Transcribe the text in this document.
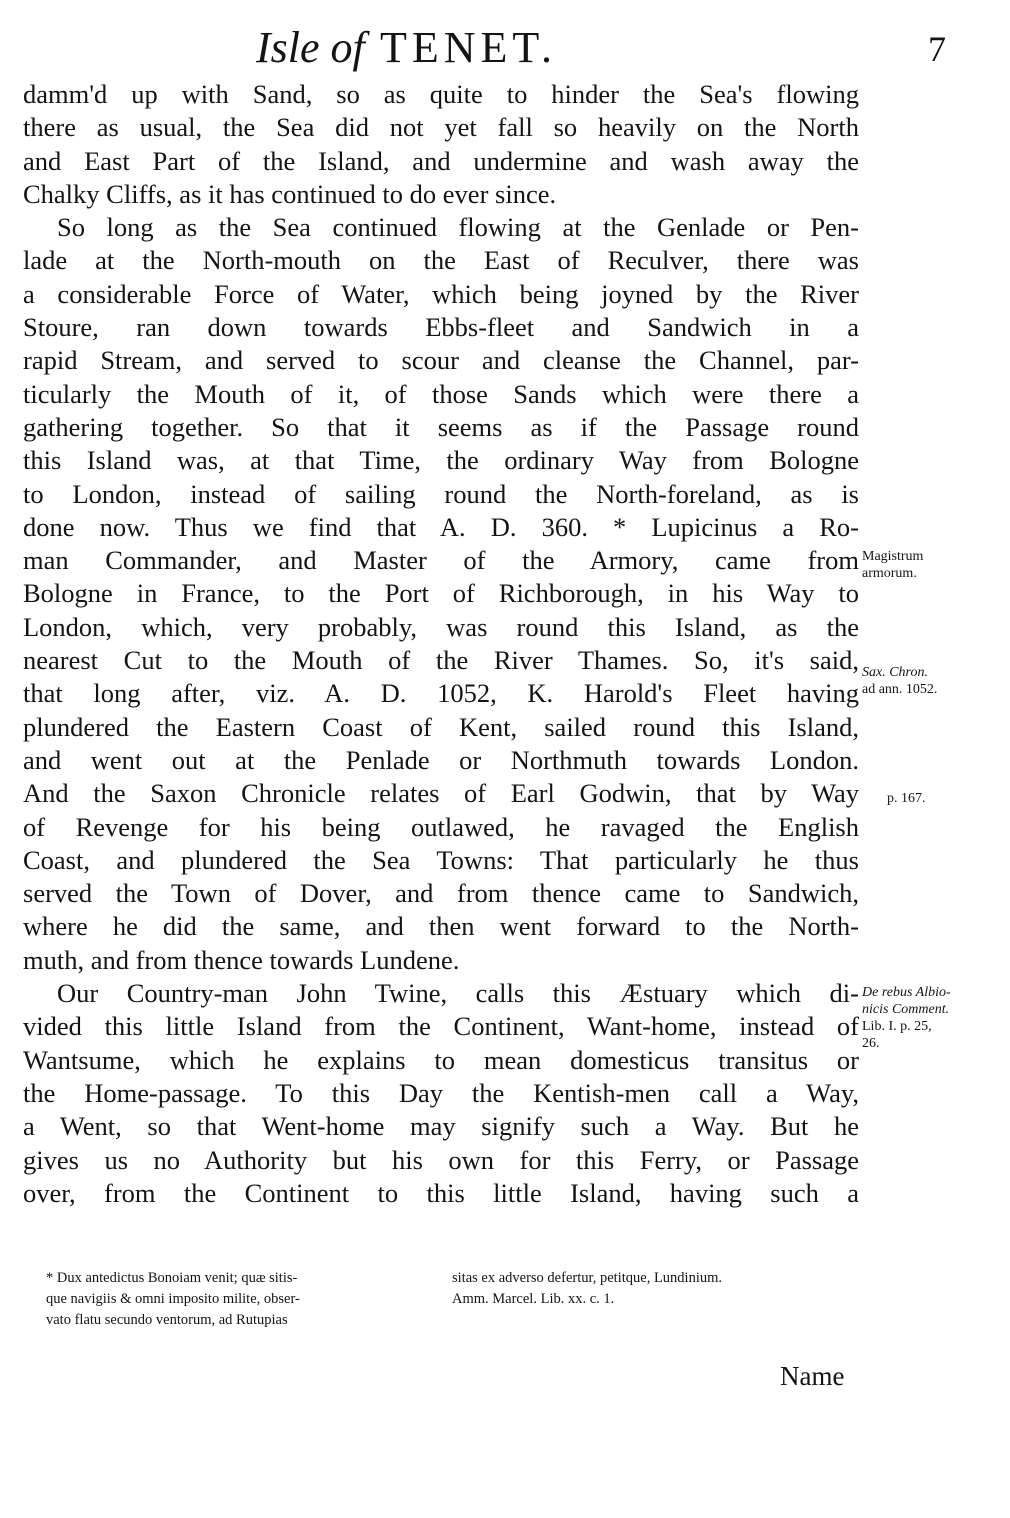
Isle of TENET.	7
damm'd up with Sand, so as quite to hinder the Sea's flowing
there as usual, the Sea did not yet fall so heavily on the North
and East Part of the Island, and undermine and wash away the
Chalky Cliffs, as it has continued to do ever since.
So long as the Sea continued flowing at the Genlade or Pen-
lade at the North-mouth on the East of Reculver, there was
a considerable Force of Water, which being joyned by the River
Stoure, ran down towards Ebbs-fleet and Sandwich in a
rapid Stream, and served to scour and cleanse the Channel, par-
ticularly the Mouth of it, of those Sands which were there a
gathering together. So that it seems as if the Passage round
this Island was, at that Time, the ordinary Way from Bologne
to London, instead of sailing round the North-foreland, as is
done now. Thus we find that A. D. 360. * Lupicinus a Ro-
man Commander, and Master of the Armory, came from
Bologne in France, to the Port of Richborough, in his Way to
London, which, very probably, was round this Island, as the
nearest Cut to the Mouth of the River Thames. So, it's said,
that long after, viz. A. D. 1052, K. Harold's Fleet having
plundered the Eastern Coast of Kent, sailed round this Island,
and went out at the Penlade or Northmuth towards London.
And the Saxon Chronicle relates of Earl Godwin, that by Way
of Revenge for his being outlawed, he ravaged the English
Coast, and plundered the Sea Towns: That particularly he thus
served the Town of Dover, and from thence came to Sandwich,
where he did the same, and then went forward to the North-
muth, and from thence towards Lundene.
Our Country-man John Twine, calls this Æstuary which di-
vided this little Island from the Continent, Want-home, instead of
Wantsume, which he explains to mean domesticus transitus or
the Home-passage. To this Day the Kentish-men call a Way,
a Went, so that Went-home may signify such a Way. But he
gives us no Authority but his own for this Ferry, or Passage
over, from the Continent to this little Island, having such a
Magistrum
armorum.
Sax. Chron.
ad ann. 1052.
p. 167.
De rebus Albio-
nicis Comment.
Lib. I. p. 25,
26.
* Dux antedictus Bonoiam venit; quæ sitis-
que navigiis & omni imposito milite, obser-
vato flatu secundo ventorum, ad Rutupias
sitas ex adverso defertur, petitque, Lundinium.
Amm. Marcel. Lib. xx. c. 1.
Name
